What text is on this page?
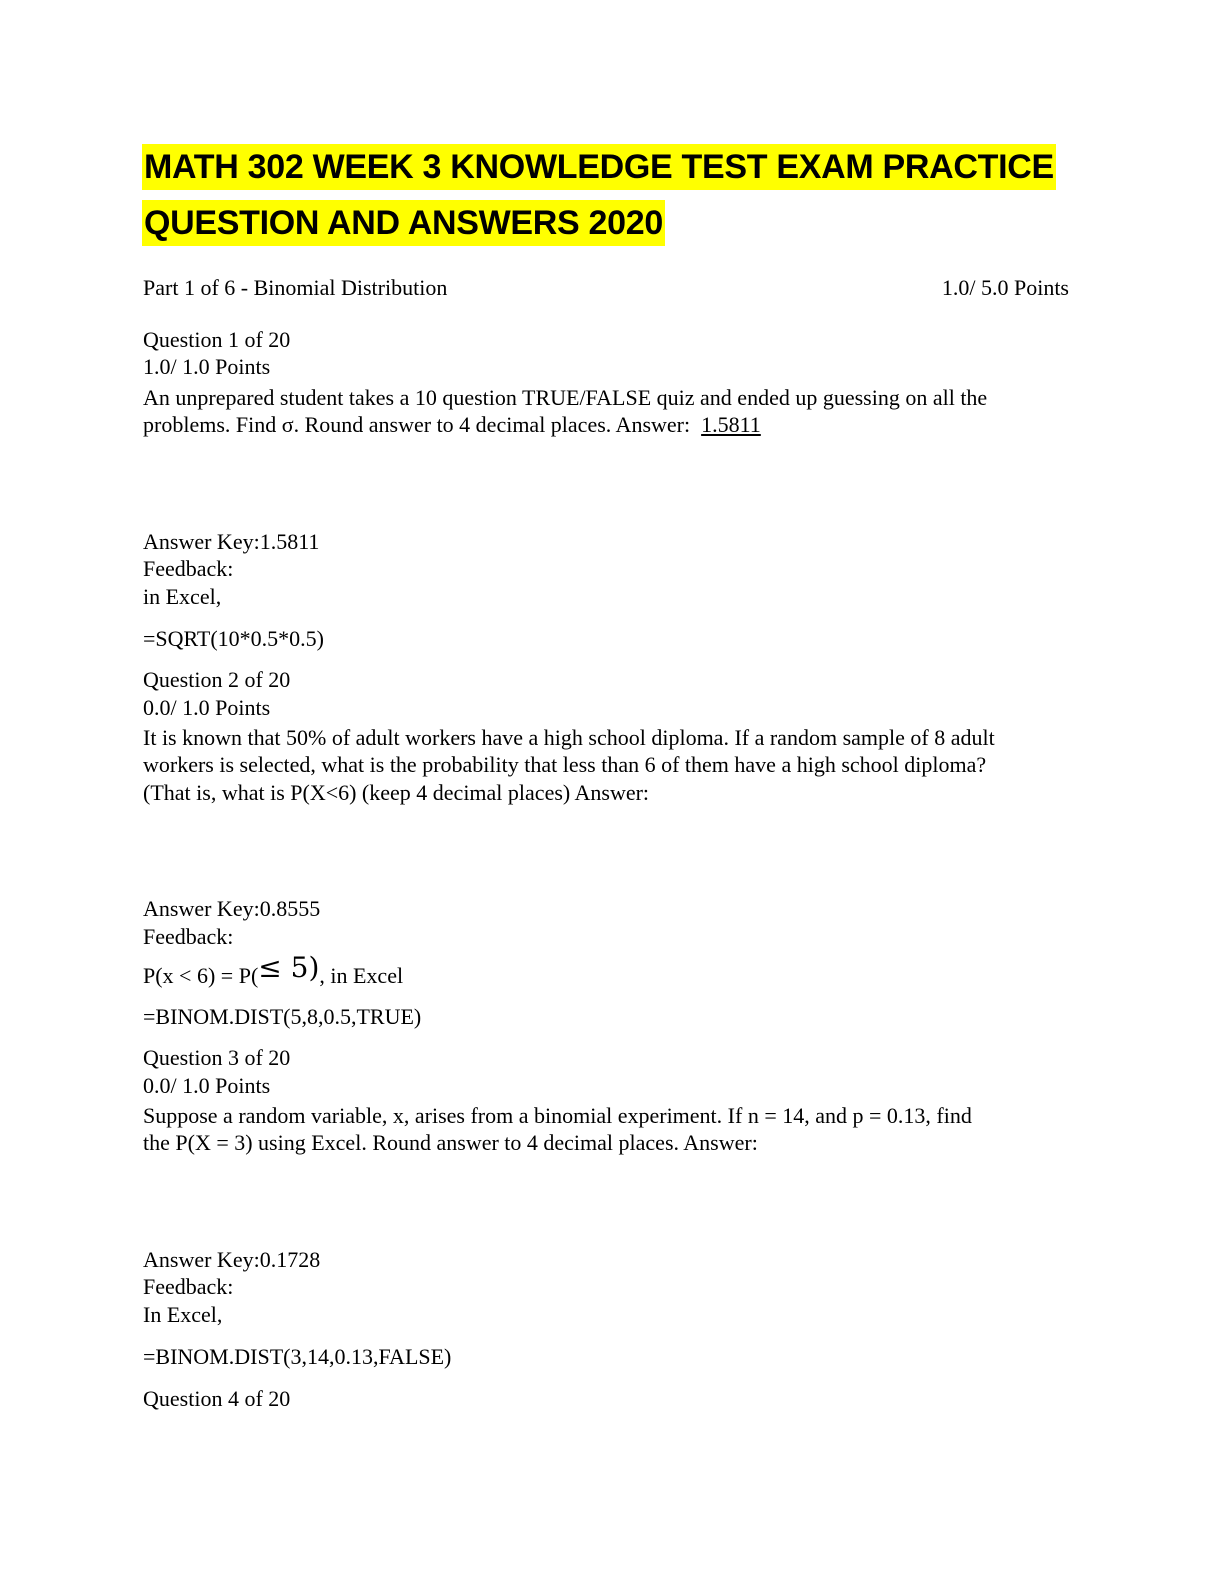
MATH 302 WEEK 3 KNOWLEDGE TEST EXAM PRACTICE
QUESTION AND ANSWERS 2020
Part 1 of 6 - Binomial Distribution	1.0/ 5.0 Points
Question 1 of 20
1.0/ 1.0 Points
An unprepared student takes a 10 question TRUE/FALSE quiz and ended up guessing on all the
problems. Find σ. Round answer to 4 decimal places. Answer: 1.5811
Answer Key:1.5811
Feedback:
in Excel,
=SQRT(10*0.5*0.5)
Question 2 of 20
0.0/ 1.0 Points
It is known that 50% of adult workers have a high school diploma. If a random sample of 8 adult
workers is selected, what is the probability that less than 6 of them have a high school diploma?
(That is, what is P(X<6) (keep 4 decimal places) Answer:
Answer Key:0.8555
Feedback:
P(x < 6) = P(≤ 5), in Excel
=BINOM.DIST(5,8,0.5,TRUE)
Question 3 of 20
0.0/ 1.0 Points
Suppose a random variable, x, arises from a binomial experiment. If n = 14, and p = 0.13, find
the P(X = 3) using Excel. Round answer to 4 decimal places. Answer:
Answer Key:0.1728
Feedback:
In Excel,
=BINOM.DIST(3,14,0.13,FALSE)
Question 4 of 20
